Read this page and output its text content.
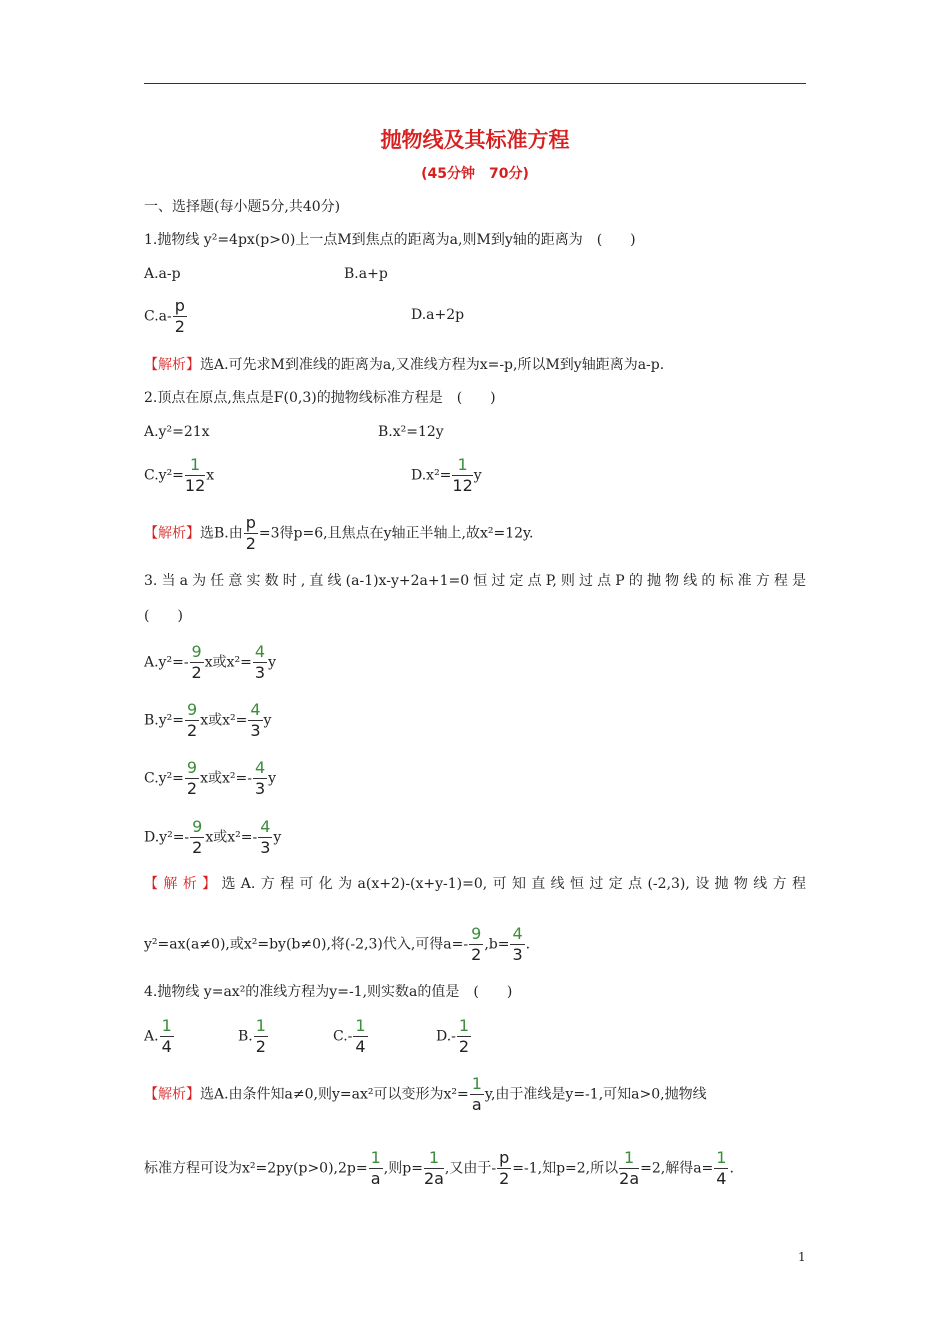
抛物线及其标准方程
(45分钟　70分)
一、选择题(每小题5分,共40分)
1.抛物线 y²=4px(p>0)上一点M到焦点的距离为a,则M到y轴的距离为　(　　)
A.a-p	B.a+p
$C.a- \frac{p}{2}$	D.a+2p
【解析】选A.可先求M到准线的距离为a,又准线方程为x=-p,所以M到y轴距离为a-p.
2.顶点在原点,焦点是F(0,3)的抛物线标准方程是　(　　)
A.y²=21x	B.x²=12y
$C.y^2= \frac{1}{12}$ x	$D.x^2= \frac{1}{12}$ y
【解析】选B.由 $\frac{p}{2} =3$得p=6,且焦点在y轴正半轴上,故x²=12y.
3.当a为任意实数时,直线(a-1)x-y+2a+1=0恒过定点P,则过点P的抛物线的标准方程是
(　　)
$A.y^2=- \frac{9}{2}$ x或$x^2= \frac{4}{3}$ y
$B.y^2= \frac{9}{2}$ x或$x^2= \frac{4}{3}$ y
$C.y^2= \frac{9}{2}$ x或$x^2=- \frac{4}{3}$ y
$D.y^2=- \frac{9}{2}$ x或$x^2=- \frac{4}{3}$ y
【解析】选A.方程可化为a(x+2)-(x+y-1)=0,可知直线恒过定点(-2,3),设抛物线方程
y²=ax(a≠0),或x²=by(b≠0),将(-2,3)代入,可得$a=- \frac{9}{2} ,b= \frac{4}{3}$ .
4.抛物线 y=ax²的准线方程为y=-1,则实数a的值是　(　　)
A. $\frac{1}{4}$	B. $\frac{1}{2}$	$C.- \frac{1}{4}$	$D.- \frac{1}{2}$
【解析】选A.由条件知a≠0,则y=ax²可以变形为$x^2= \frac{1}{a} y$,由于准线是y=-1,可知a>0,抛物线
标准方程可设为$x^2=2py(p>0),2p= \frac{1}{a}$ ,则$p= \frac{1}{2a}$ ,又由于- $\frac{p}{2} =-1$,知p=2,所以 $\frac{1}{2a} =2$,解得$a= \frac{1}{4}$ .
1
